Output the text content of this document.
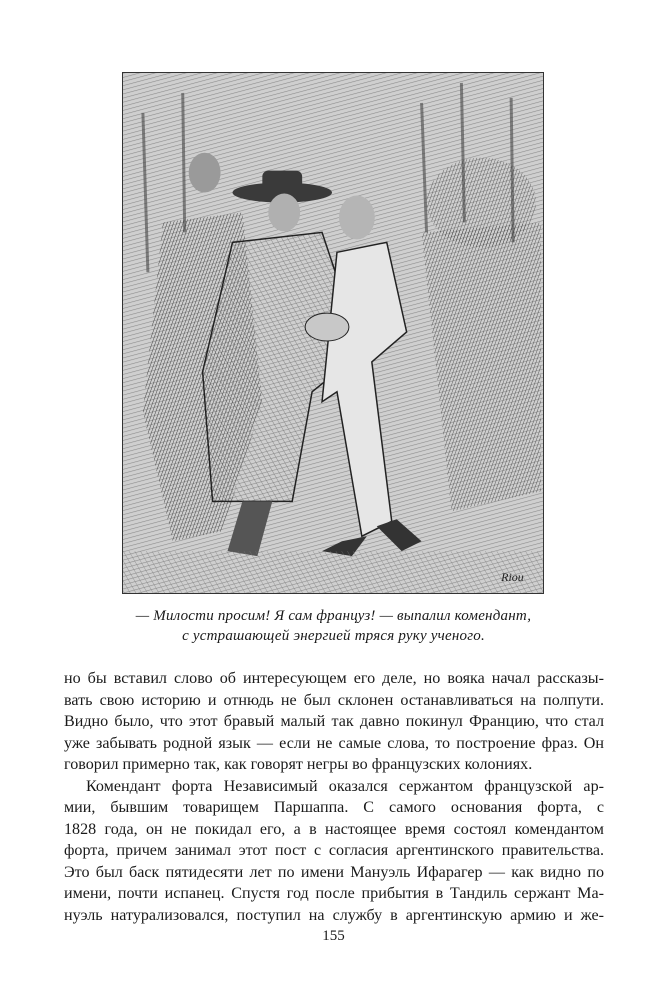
Riou
— Милости просим! Я сам француз! — выпалил комендант,
с устрашающей энергией тряся руку ученого.
но бы вставил слово об интересующем его деле, но вояка начал рассказы-
вать свою историю и отнюдь не был склонен останавливаться на полпути.
Видно было, что этот бравый малый так давно покинул Францию, что стал
уже забывать родной язык — если не самые слова, то построение фраз. Он
говорил примерно так, как говорят негры во французских колониях.
Комендант форта Независимый оказался сержантом французской ар-
мии, бывшим товарищем Паршаппа. С самого основания форта, с
1828 года, он не покидал его, а в настоящее время состоял комендантом
форта, причем занимал этот пост с согласия аргентинского правительства.
Это был баск пятидесяти лет по имени Мануэль Ифарагер — как видно по
имени, почти испанец. Спустя год после прибытия в Тандиль сержант Ма-
нуэль натурализовался, поступил на службу в аргентинскую армию и же-
155
